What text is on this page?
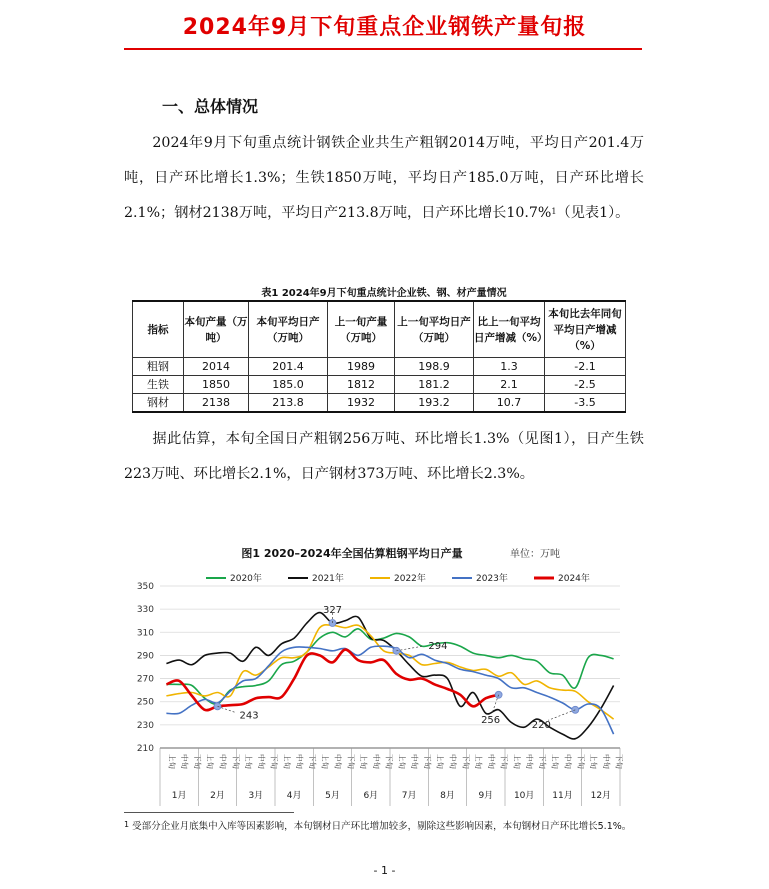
2024年9月下旬重点企业钢铁产量旬报
一、总体情况

2024年9月下旬重点统计钢铁企业共生产粗钢2014万吨，平均日产201.4万吨，日产环比增长1.3%；生铁1850万吨，平均日产185.0万吨，日产环比增长2.1%；钢材2138万吨，平均日产213.8万吨，日产环比增长10.7%$^1$（见表1）。

表1 2024年9月下旬重点统计企业铁、钢、材产量情况
指标	本旬产量（万吨）	本旬平均日产（万吨）	上一旬产量（万吨）	上一旬平均日产（万吨）	比上一旬平均日产增减（%）	本旬比去年同旬平均日产增减（%）
粗钢	2014	201.4	1989	198.9	1.3	-2.1
生铁	1850	185.0	1812	181.2	2.1	-2.5
钢材	2138	213.8	1932	193.2	10.7	-3.5

据此估算，本旬全国日产粗钢256万吨、环比增长1.3%（见图1），日产生铁223万吨、环比增长2.1%，日产钢材373万吨、环比增长2.3%。

图1 2020–2024年全国估算粗钢平均日产量	单位：万吨
2020年	2021年	2022年	2023年	2024年
210
230
250
270
290
310
330
350
上旬 中旬 下旬 上旬 中旬 下旬 上旬 中旬 下旬 上旬 中旬 下旬 上旬 中旬 下旬 上旬 中旬 下旬 上旬 中旬 下旬 上旬 中旬 下旬 上旬 中旬 下旬 上旬 中旬 下旬 上旬 中旬 下旬 上旬 中旬 下旬
1月	2月	3月	4月	5月	6月	7月	8月	9月 10月 11月 12月
327
294
243	256	220
$^1$ 受部分企业月底集中入库等因素影响，本旬钢材日产环比增加较多，剔除这些影响因素，本旬钢材日产环比增长5.1%。
- 1 -
